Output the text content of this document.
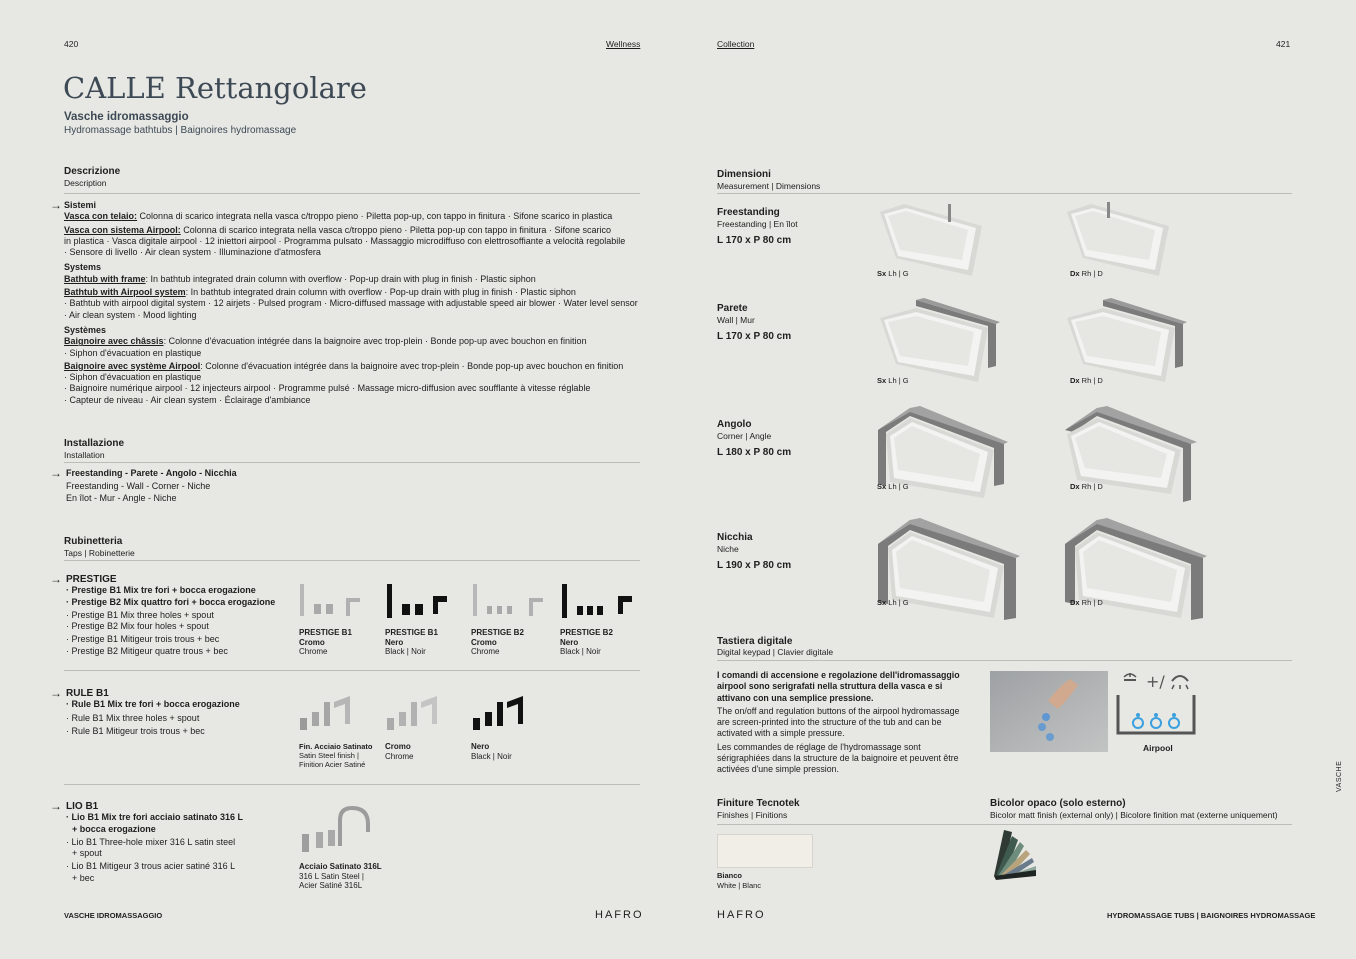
420	Wellness
CALLE Rettangolare
Vasche idromassaggio
Hydromassage bathtubs | Baignoires hydromassage
Descrizione
Description
→ Sistemi
Vasca con telaio: Colonna di scarico integrata nella vasca c/troppo pieno · Piletta pop-up, con tappo in finitura · Sifone scarico in plastica
Vasca con sistema Airpool: Colonna di scarico integrata nella vasca c/troppo pieno · Piletta pop-up con tappo in finitura · Sifone scarico
in plastica · Vasca digitale airpool · 12 iniettori airpool · Programma pulsato · Massaggio microdiffuso con elettrosoffiante a velocità regolabile
· Sensore di livello · Air clean system · Illuminazione d'atmosfera
Systems
Bathtub with frame: In bathtub integrated drain column with overflow · Pop-up drain with plug in finish · Plastic siphon
Bathtub with Airpool system: In bathtub integrated drain column with overflow · Pop-up drain with plug in finish · Plastic siphon
· Bathtub with airpool digital system · 12 airjets · Pulsed program · Micro-diffused massage with adjustable speed air blower · Water level sensor
· Air clean system · Mood lighting
Systèmes
Baignoire avec châssis: Colonne d'évacuation intégrée dans la baignoire avec trop-plein · Bonde pop-up avec bouchon en finition
· Siphon d'évacuation en plastique
Baignoire avec système Airpool: Colonne d'évacuation intégrée dans la baignoire avec trop-plein · Bonde pop-up avec bouchon en finition
· Siphon d'évacuation en plastique
· Baignoire numérique airpool · 12 injecteurs airpool · Programme pulsé · Massage micro-diffusion avec soufflante à vitesse réglable
· Capteur de niveau · Air clean system · Éclairage d'ambiance
Installazione
Installation
→ Freestanding - Parete - Angolo - Nicchia
Freestanding - Wall - Corner - Niche
En îlot - Mur - Angle - Niche
Rubinetteria
Taps | Robinetterie
→ PRESTIGE
· Prestige B1 Mix tre fori + bocca erogazione
· Prestige B2 Mix quattro fori + bocca erogazione
· Prestige B1 Mix three holes + spout
· Prestige B2 Mix four holes + spout
· Prestige B1 Mitigeur trois trous + bec
· Prestige B2 Mitigeur quatre trous + bec
PRESTIGE B1
Cromo
Chrome
PRESTIGE B1
Nero
Black | Noir
PRESTIGE B2
Cromo
Chrome
PRESTIGE B2
Nero
Black | Noir
→ RULE B1
· Rule B1 Mix tre fori + bocca erogazione
· Rule B1 Mix three holes + spout
· Rule B1 Mitigeur trois trous + bec
Fin. Acciaio Satinato
Satin Steel finish |
Finition Acier Satiné
Cromo
Chrome
Nero
Black | Noir
→ LIO B1
· Lio B1 Mix tre fori acciaio satinato 316 L
+ bocca erogazione
· Lio B1 Three-hole mixer 316 L satin steel
+ spout
· Lio B1 Mitigeur 3 trous acier satiné 316 L
+ bec
Acciaio Satinato 316L
316 L Satin Steel |
Acier Satiné 316L
VASCHE IDROMASSAGGIO	HAFRO
Collection	421
Dimensioni
Measurement | Dimensions
Freestanding
Freestanding | En îlot
L 170 x P 80 cm
Sx Lh | G	Dx Rh | D
Parete
Wall | Mur
L 170 x P 80 cm
Sx Lh | G	Dx Rh | D
Angolo
Corner | Angle
L 180 x P 80 cm
Sx Lh | G	Dx Rh | D
Nicchia
Niche
L 190 x P 80 cm
Sx Lh | G	Dx Rh | D
Tastiera digitale
Digital keypad | Clavier digitale
I comandi di accensione e regolazione dell'idromassaggio airpool sono serigrafati nella struttura della vasca e si attivano con una semplice pressione.
The on/off and regulation buttons of the airpool hydromassage are screen-printed into the structure of the tub and can be activated with a simple pressure.
Les commandes de réglage de l'hydromassage sont sérigraphiées dans la structure de la baignoire et peuvent être activées d'une simple pression.
+/
Airpool
Finiture Tecnotek
Finishes | Finitions
Bicolor opaco (solo esterno)
Bicolor matt finish (external only) | Bicolore finition mat (externe uniquement)
Bianco
White | Blanc
VASCHE
HAFRO	HYDROMASSAGE TUBS | BAIGNOIRES HYDROMASSAGE
